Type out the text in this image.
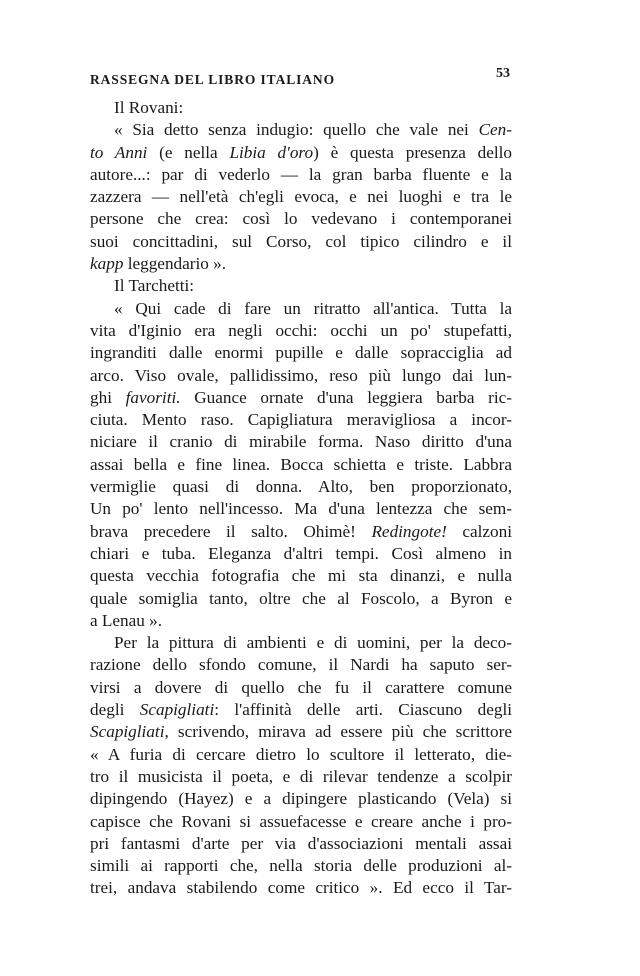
RASSEGNA DEL LIBRO ITALIANO	53
Il Rovani:
« Sia detto senza indugio: quello che vale nei Cen-
to Anni (e nella Libia d'oro) è questa presenza dello
autore...: par di vederlo — la gran barba fluente e la
zazzera — nell'età ch'egli evoca, e nei luoghi e tra le
persone che crea: così lo vedevano i contemporanei
suoi concittadini, sul Corso, col tipico cilindro e il
kapp leggendario ».
Il Tarchetti:
« Qui cade di fare un ritratto all'antica. Tutta la
vita d'Iginio era negli occhi: occhi un po' stupefatti,
ingranditi dalle enormi pupille e dalle sopracciglia ad
arco. Viso ovale, pallidissimo, reso più lungo dai lun-
ghi favoriti. Guance ornate d'una leggiera barba ric-
ciuta. Mento raso. Capigliatura meravigliosa a incor-
niciare il cranio di mirabile forma. Naso diritto d'una
assai bella e fine linea. Bocca schietta e triste. Labbra
vermiglie quasi di donna. Alto, ben proporzionato,
Un po' lento nell'incesso. Ma d'una lentezza che sem-
brava precedere il salto. Ohimè! Redingote! calzoni
chiari e tuba. Eleganza d'altri tempi. Così almeno in
questa vecchia fotografia che mi sta dinanzi, e nulla
quale somiglia tanto, oltre che al Foscolo, a Byron e
a Lenau ».
Per la pittura di ambienti e di uomini, per la deco-
razione dello sfondo comune, il Nardi ha saputo ser-
virsi a dovere di quello che fu il carattere comune
degli Scapigliati: l'affinità delle arti. Ciascuno degli
Scapigliati, scrivendo, mirava ad essere più che scrittore
« A furia di cercare dietro lo scultore il letterato, die-
tro il musicista il poeta, e di rilevar tendenze a scolpir
dipingendo (Hayez) e a dipingere plasticando (Vela) si
capisce che Rovani si assuefacesse e creare anche i pro-
pri fantasmi d'arte per via d'associazioni mentali assai
simili ai rapporti che, nella storia delle produzioni al-
trei, andava stabilendo come critico ». Ed ecco il Tar-
